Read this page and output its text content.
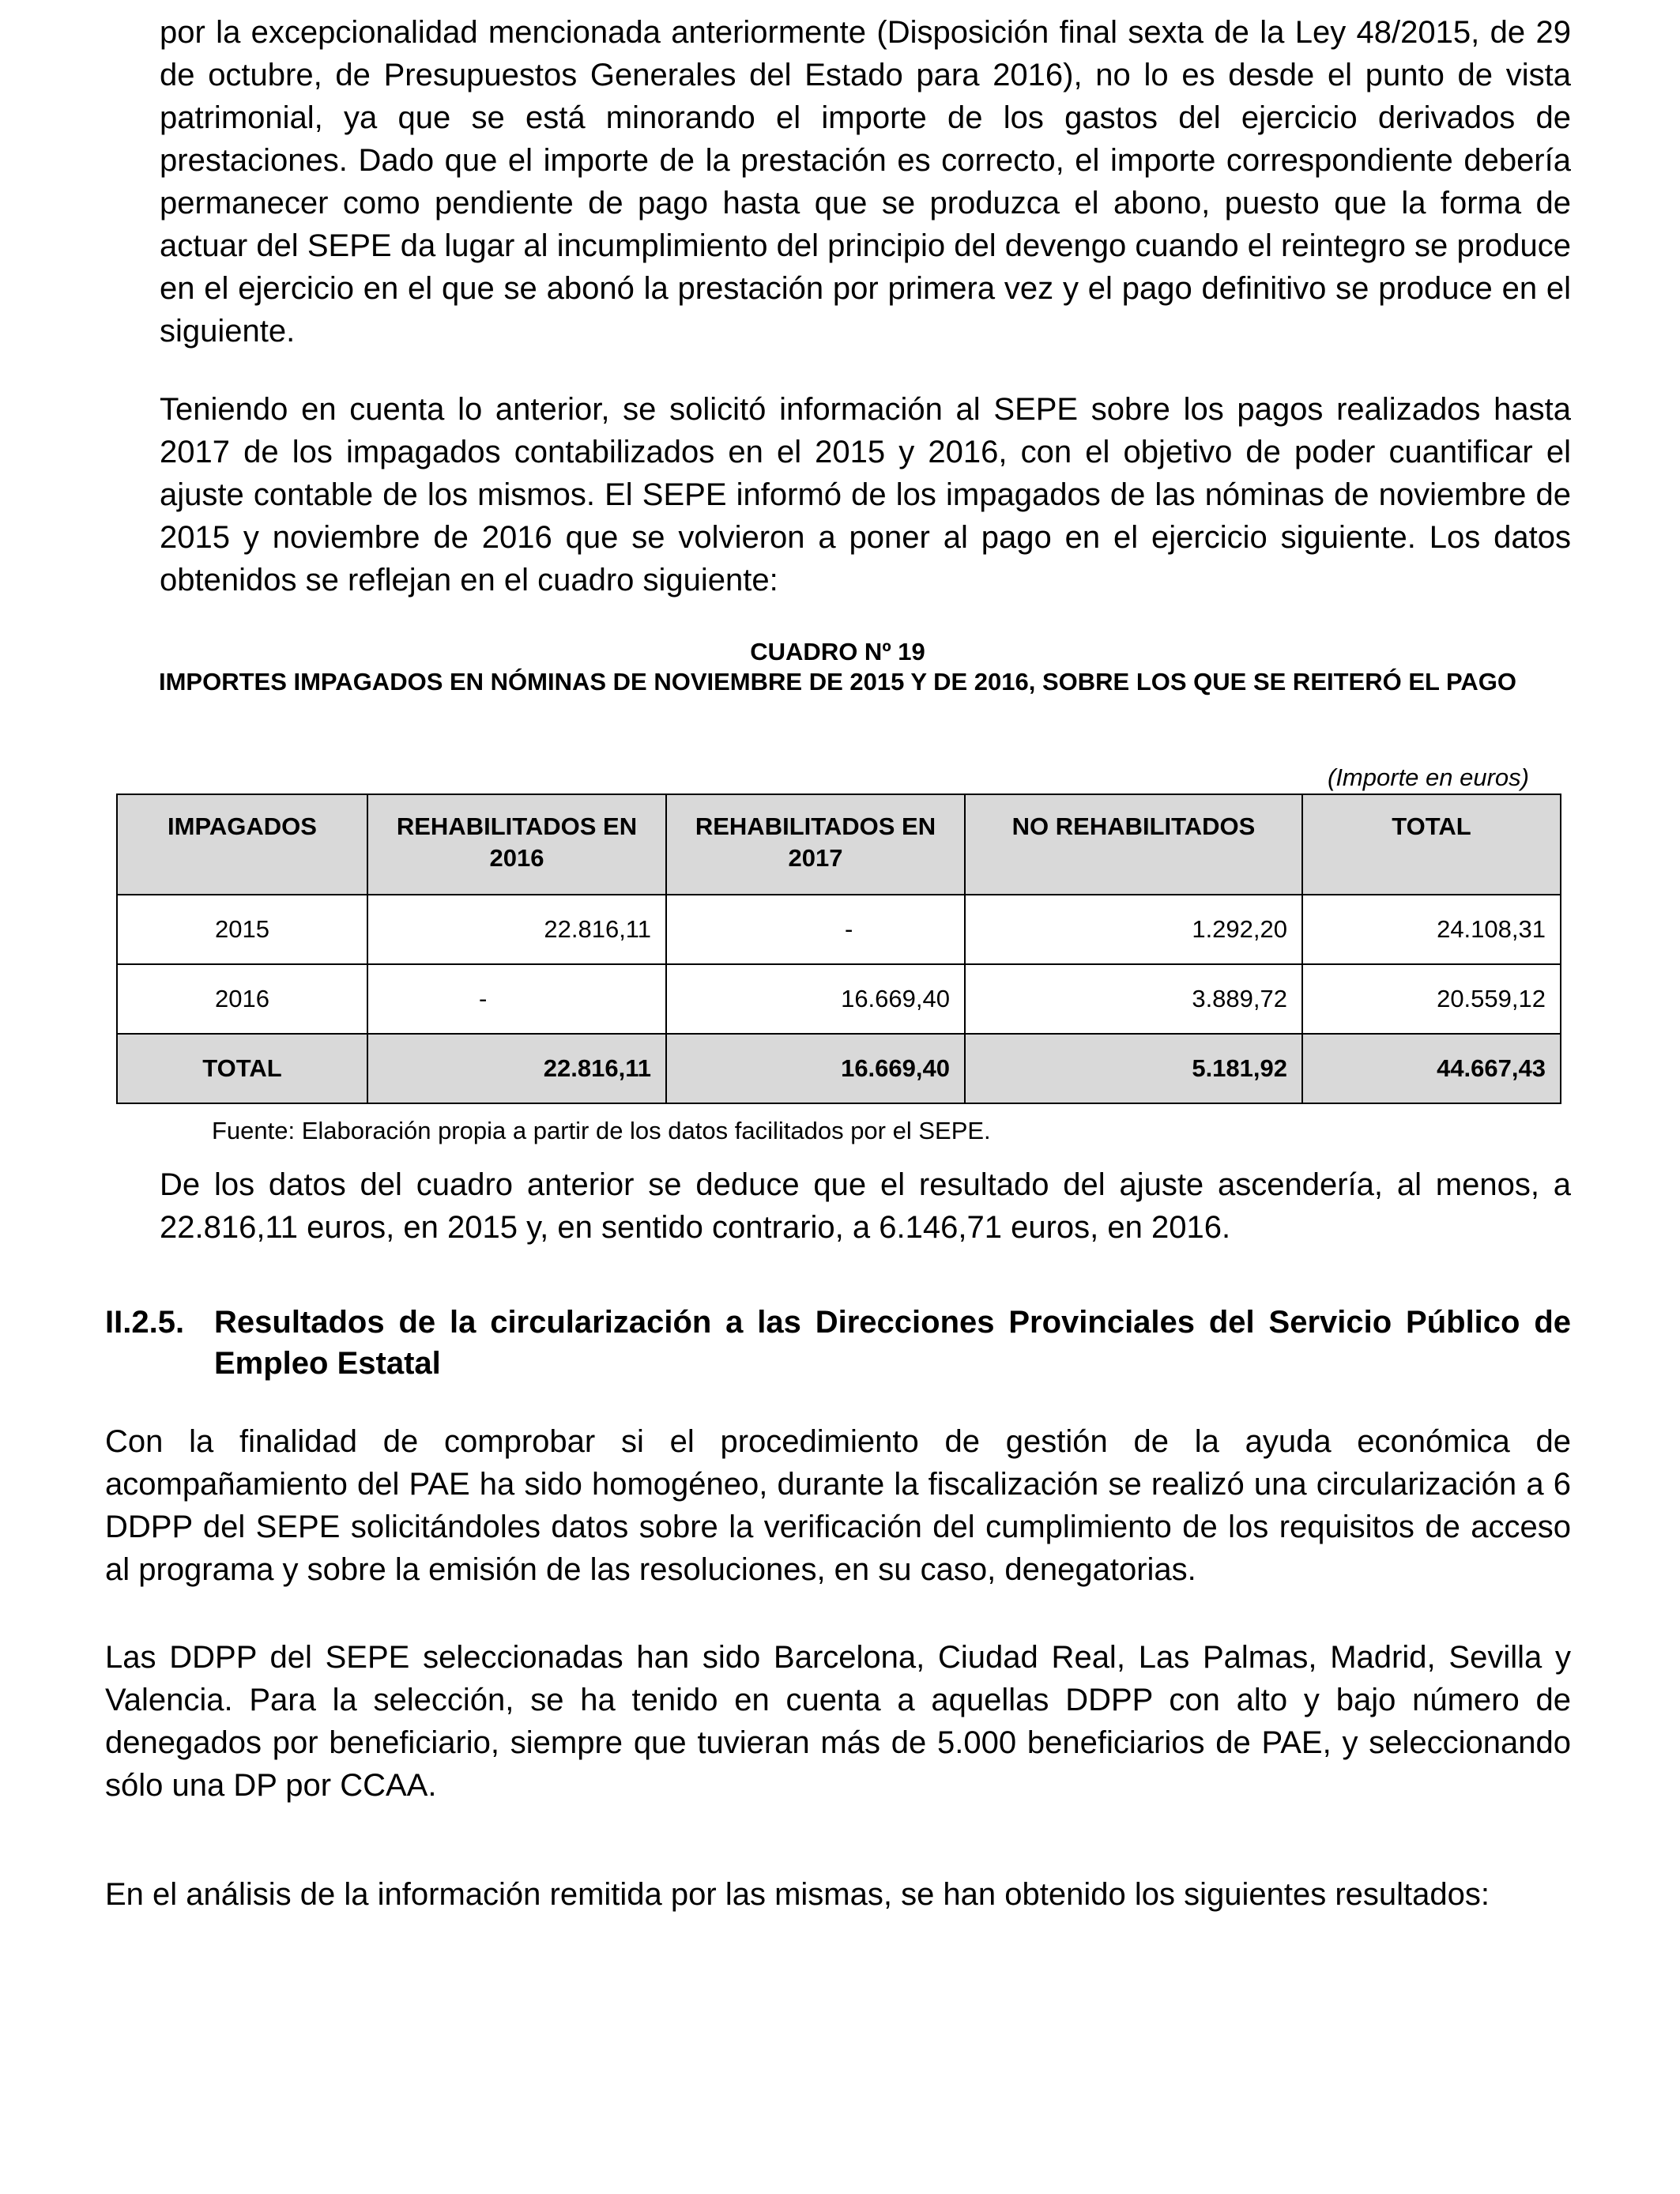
por la excepcionalidad mencionada anteriormente (Disposición final sexta de la Ley 48/2015, de 29 de octubre, de Presupuestos Generales del Estado para 2016), no lo es desde el punto de vista patrimonial, ya que se está minorando el importe de los gastos del ejercicio derivados de prestaciones. Dado que el importe de la prestación es correcto, el importe correspondiente debería permanecer como pendiente de pago hasta que se produzca el abono, puesto que la forma de actuar del SEPE da lugar al incumplimiento del principio del devengo cuando el reintegro se produce en el ejercicio en el que se abonó la prestación por primera vez y el pago definitivo se produce en el siguiente.

Teniendo en cuenta lo anterior, se solicitó información al SEPE sobre los pagos realizados hasta 2017 de los impagados contabilizados en el 2015 y 2016, con el objetivo de poder cuantificar el ajuste contable de los mismos. El SEPE informó de los impagados de las nóminas de noviembre de 2015 y noviembre de 2016 que se volvieron a poner al pago en el ejercicio siguiente. Los datos obtenidos se reflejan en el cuadro siguiente:

CUADRO Nº 19
IMPORTES IMPAGADOS EN NÓMINAS DE NOVIEMBRE DE 2015 Y DE 2016, SOBRE LOS QUE SE REITERÓ EL PAGO
(Importe en euros)
IMPAGADOS	REHABILITADOS EN 2016	REHABILITADOS EN 2017	NO REHABILITADOS	TOTAL
2015	22.816,11	-	1.292,20	24.108,31
2016	-	16.669,40	3.889,72	20.559,12
TOTAL	22.816,11	16.669,40	5.181,92	44.667,43
Fuente: Elaboración propia a partir de los datos facilitados por el SEPE.

De los datos del cuadro anterior se deduce que el resultado del ajuste ascendería, al menos, a 22.816,11 euros, en 2015 y, en sentido contrario, a 6.146,71 euros, en 2016.

II.2.5. Resultados de la circularización a las Direcciones Provinciales del Servicio Público de Empleo Estatal

Con la finalidad de comprobar si el procedimiento de gestión de la ayuda económica de acompañamiento del PAE ha sido homogéneo, durante la fiscalización se realizó una circularización a 6 DDPP del SEPE solicitándoles datos sobre la verificación del cumplimiento de los requisitos de acceso al programa y sobre la emisión de las resoluciones, en su caso, denegatorias.

Las DDPP del SEPE seleccionadas han sido Barcelona, Ciudad Real, Las Palmas, Madrid, Sevilla y Valencia. Para la selección, se ha tenido en cuenta a aquellas DDPP con alto y bajo número de denegados por beneficiario, siempre que tuvieran más de 5.000 beneficiarios de PAE, y seleccionando sólo una DP por CCAA.

En el análisis de la información remitida por las mismas, se han obtenido los siguientes resultados:
